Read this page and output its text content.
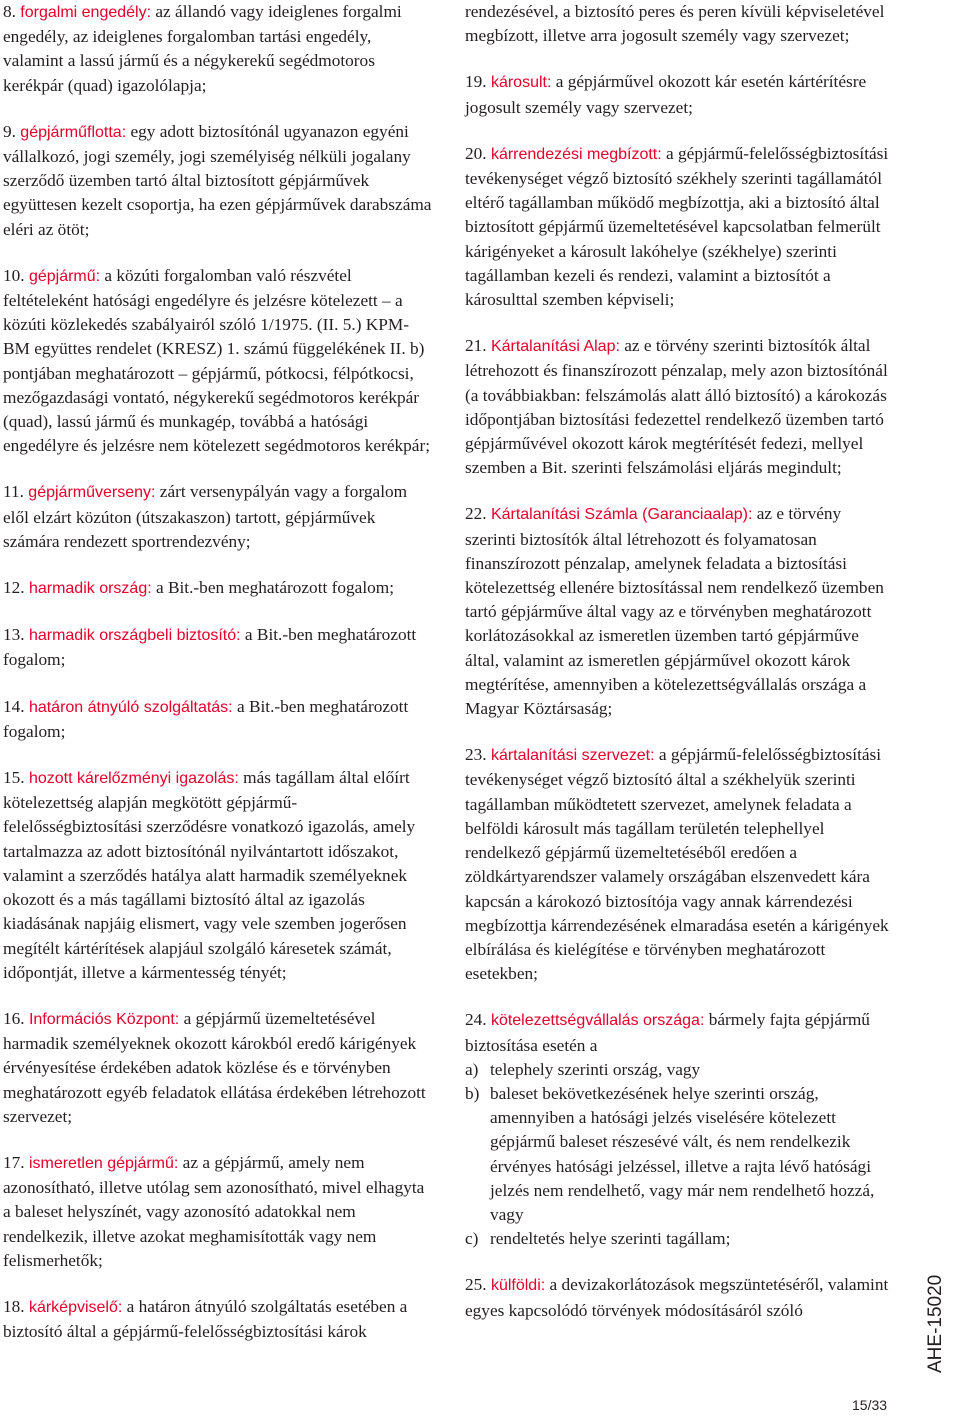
8. forgalmi engedély: az állandó vagy ideiglenes forgalmi engedély, az ideiglenes forgalomban tartási engedély, valamint a lassú jármű és a négykerekű segédmotoros kerékpár (quad) igazolólapja;
9. gépjárműflotta: egy adott biztosítónál ugyanazon egyéni vállalkozó, jogi személy, jogi személyiség nélküli jogalany szerződő üzemben tartó által biztosított gépjárművek együttesen kezelt csoportja, ha ezen gépjárművek darabszáma eléri az ötöt;
10. gépjármű: a közúti forgalomban való részvétel feltételeként hatósági engedélyre és jelzésre kötelezett – a közúti közlekedés szabályairól szóló 1/1975. (II. 5.) KPM-BM együttes rendelet (KRESZ) 1. számú függelékének II. b) pontjában meghatározott – gépjármű, pótkocsi, félpótkocsi, mezőgazdasági vontató, négykerekű segédmotoros kerékpár (quad), lassú jármű és munkagép, továbbá a hatósági engedélyre és jelzésre nem kötelezett segédmotoros kerékpár;
11. gépjárműverseny: zárt versenypályán vagy a forgalom elől elzárt közúton (útszakaszon) tartott, gépjárművek számára rendezett sportrendezvény;
12. harmadik ország: a Bit.-ben meghatározott fogalom;
13. harmadik országbeli biztosító: a Bit.-ben meghatározott fogalom;
14. határon átnyúló szolgáltatás: a Bit.-ben meghatározott fogalom;
15. hozott kárelőzményi igazolás: más tagállam által előírt kötelezettség alapján megkötött gépjármű-felelősségbiztosítási szerződésre vonatkozó igazolás, amely tartalmazza az adott biztosítónál nyilvántartott időszakot, valamint a szerződés hatálya alatt harmadik személyeknek okozott és a más tagállami biztosító által az igazolás kiadásának napjáig elismert, vagy vele szemben jogerősen megítélt kártérítések alapjául szolgáló káresetek számát, időpontját, illetve a kármentesség tényét;
16. Információs Központ: a gépjármű üzemeltetésével harmadik személyeknek okozott károkból eredő kárigények érvényesítése érdekében adatok közlése és e törvényben meghatározott egyéb feladatok ellátása érdekében létrehozott szervezet;
17. ismeretlen gépjármű: az a gépjármű, amely nem azonosítható, illetve utólag sem azonosítható, mivel elhagyta a baleset helyszínét, vagy azonosító adatokkal nem rendelkezik, illetve azokat meghamisították vagy nem felismerhetők;
18. kárképviselő: a határon átnyúló szolgáltatás esetében a biztosító által a gépjármű-felelősségbiztosítási károk
rendezésével, a biztosító peres és peren kívüli képviseletével megbízott, illetve arra jogosult személy vagy szervezet;
19. károsult: a gépjárművel okozott kár esetén kártérítésre jogosult személy vagy szervezet;
20. kárrendezési megbízott: a gépjármű-felelősségbiztosítási tevékenységet végző biztosító székhely szerinti tagállamától eltérő tagállamban működő megbízottja, aki a biztosító által biztosított gépjármű üzemeltetésével kapcsolatban felmerült kárigényeket a károsult lakóhelye (székhelye) szerinti tagállamban kezeli és rendezi, valamint a biztosítót a károsulttal szemben képviseli;
21. Kártalanítási Alap: az e törvény szerinti biztosítók által létrehozott és finanszírozott pénzalap, mely azon biztosítónál (a továbbiakban: felszámolás alatt álló biztosító) a károkozás időpontjában biztosítási fedezettel rendelkező üzemben tartó gépjárművével okozott károk megtérítését fedezi, mellyel szemben a Bit. szerinti felszámolási eljárás megindult;
22. Kártalanítási Számla (Garanciaalap): az e törvény szerinti biztosítók által létrehozott és folyamatosan finanszírozott pénzalap, amelynek feladata a biztosítási kötelezettség ellenére biztosítással nem rendelkező üzemben tartó gépjárműve által vagy az e törvényben meghatározott korlátozásokkal az ismeretlen üzemben tartó gépjárműve által, valamint az ismeretlen gépjárművel okozott károk megtérítése, amennyiben a kötelezettségvállalás országa a Magyar Köztársaság;
23. kártalanítási szervezet: a gépjármű-felelősségbiztosítási tevékenységet végző biztosító által a székhelyük szerinti tagállamban működtetett szervezet, amelynek feladata a belföldi károsult más tagállam területén telephellyel rendelkező gépjármű üzemeltetéséből eredően a zöldkártyarendszer valamely országában elszenvedett kára kapcsán a károkozó biztosítója vagy annak kárrendezési megbízottja kárrendezésének elmaradása esetén a kárigények elbírálása és kielégítése e törvényben meghatározott esetekben;
24. kötelezettségvállalás országa: bármely fajta gépjármű biztosítása esetén a
a) telephely szerinti ország, vagy
b) baleset bekövetkezésének helye szerinti ország, amennyiben a hatósági jelzés viselésére kötelezett gépjármű baleset részesévé vált, és nem rendelkezik érvényes hatósági jelzéssel, illetve a rajta lévő hatósági jelzés nem rendelhető, vagy már nem rendelhető hozzá, vagy
c) rendeltetés helye szerinti tagállam;
25. külföldi: a devizakorlátozások megszüntetéséről, valamint egyes kapcsolódó törvények módosításáról szóló	AHE-15020
15/33
